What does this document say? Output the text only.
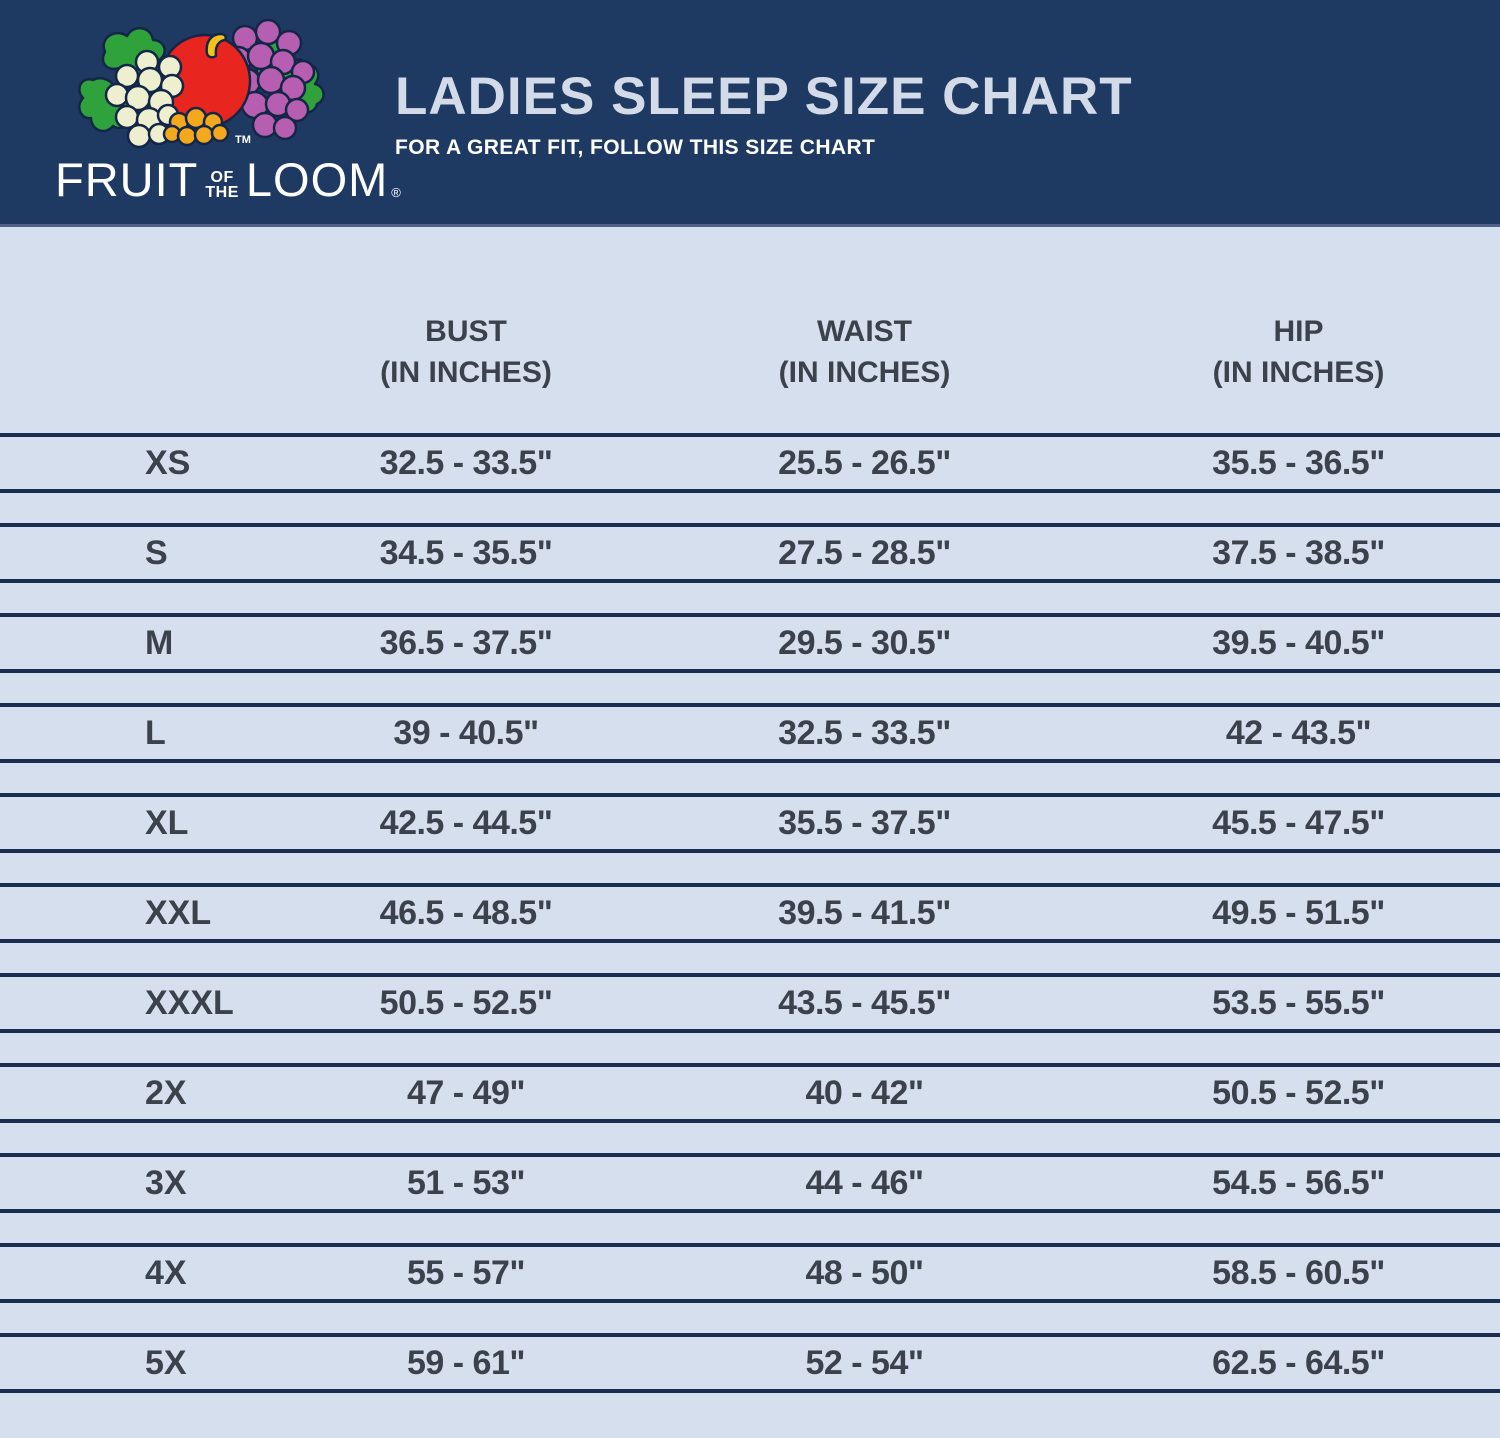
TM
FRUIT OF
THE LOOM ®
LADIES SLEEP SIZE CHART
FOR A GREAT FIT, FOLLOW THIS SIZE CHART
BUST
(IN INCHES)
WAIST
(IN INCHES)
HIP
(IN INCHES)
XS	32.5 - 33.5"	25.5 - 26.5"	35.5 - 36.5"
S	34.5 - 35.5"	27.5 - 28.5"	37.5 - 38.5"
M	36.5 - 37.5"	29.5 - 30.5"	39.5 - 40.5"
L	39 - 40.5"	32.5 - 33.5"	42 - 43.5"
XL	42.5 - 44.5"	35.5 - 37.5"	45.5 - 47.5"
XXL	46.5 - 48.5"	39.5 - 41.5"	49.5 - 51.5"
XXXL	50.5 - 52.5"	43.5 - 45.5"	53.5 - 55.5"
2X	47 - 49"	40 - 42"	50.5 - 52.5"
3X	51 - 53"	44 - 46"	54.5 - 56.5"
4X	55 - 57"	48 - 50"	58.5 - 60.5"
5X	59 - 61"	52 - 54"	62.5 - 64.5"
